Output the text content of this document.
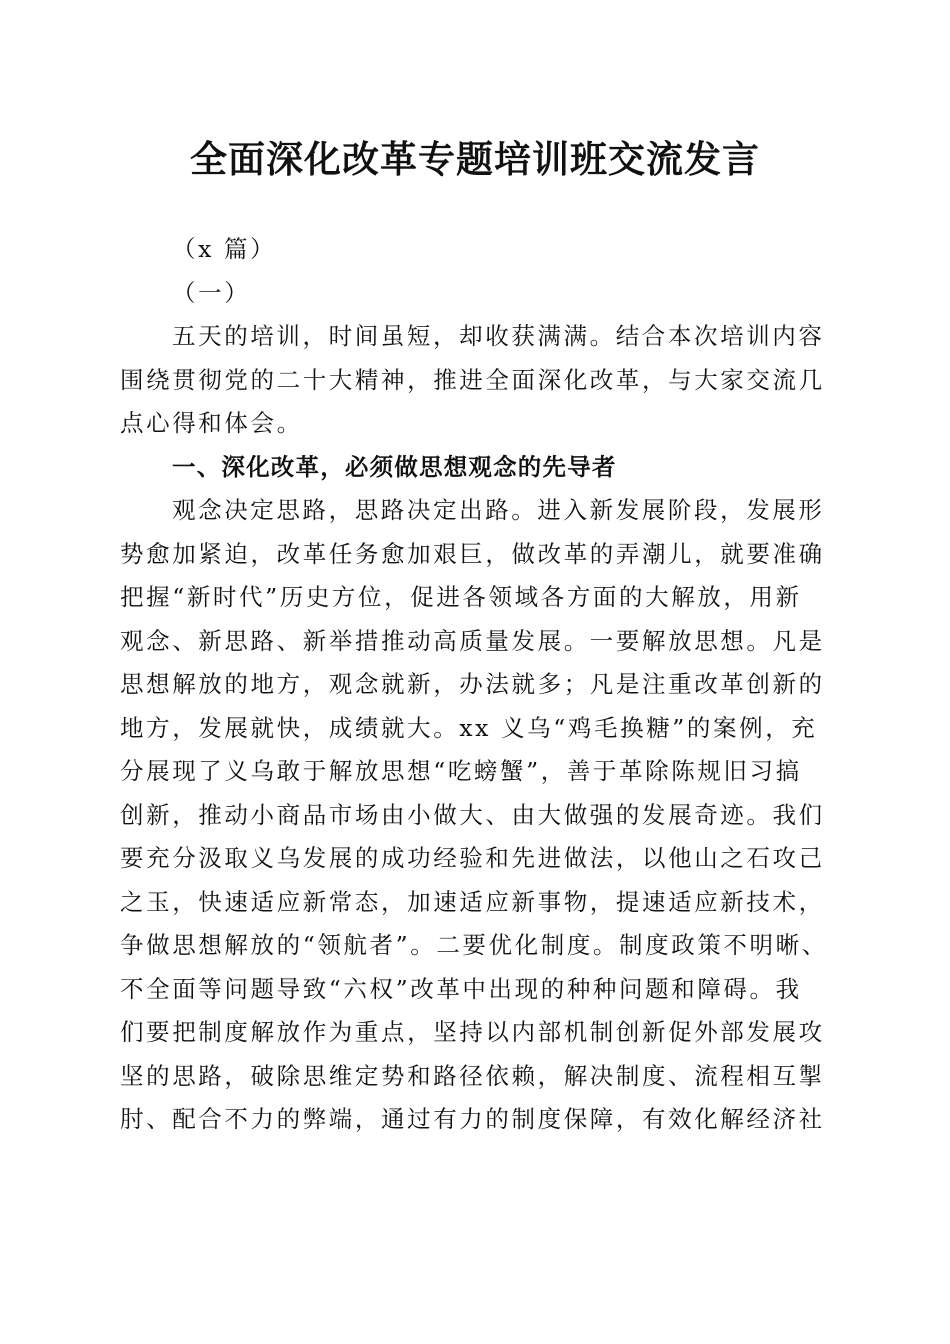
全面深化改革专题培训班交流发言
（x 篇）
（一）
五天的培训，时间虽短，却收获满满。结合本次培训内容
围绕贯彻党的二十大精神，推进全面深化改革，与大家交流几
点心得和体会。
一、深化改革，必须做思想观念的先导者
观念决定思路，思路决定出路。进入新发展阶段，发展形
势愈加紧迫，改革任务愈加艰巨，做改革的弄潮儿，就要准确
把握“新时代”历史方位，促进各领域各方面的大解放，用新
观念、新思路、新举措推动高质量发展。一要解放思想。凡是
思想解放的地方，观念就新，办法就多；凡是注重改革创新的
地方，发展就快，成绩就大。xx 义乌“鸡毛换糖”的案例，充
分展现了义乌敢于解放思想“吃螃蟹”，善于革除陈规旧习搞
创新，推动小商品市场由小做大、由大做强的发展奇迹。我们
要充分汲取义乌发展的成功经验和先进做法，以他山之石攻己
之玉，快速适应新常态，加速适应新事物，提速适应新技术，
争做思想解放的“领航者”。二要优化制度。制度政策不明晰、
不全面等问题导致“六权”改革中出现的种种问题和障碍。我
们要把制度解放作为重点，坚持以内部机制创新促外部发展攻
坚的思路，破除思维定势和路径依赖，解决制度、流程相互掣
肘、配合不力的弊端，通过有力的制度保障，有效化解经济社
